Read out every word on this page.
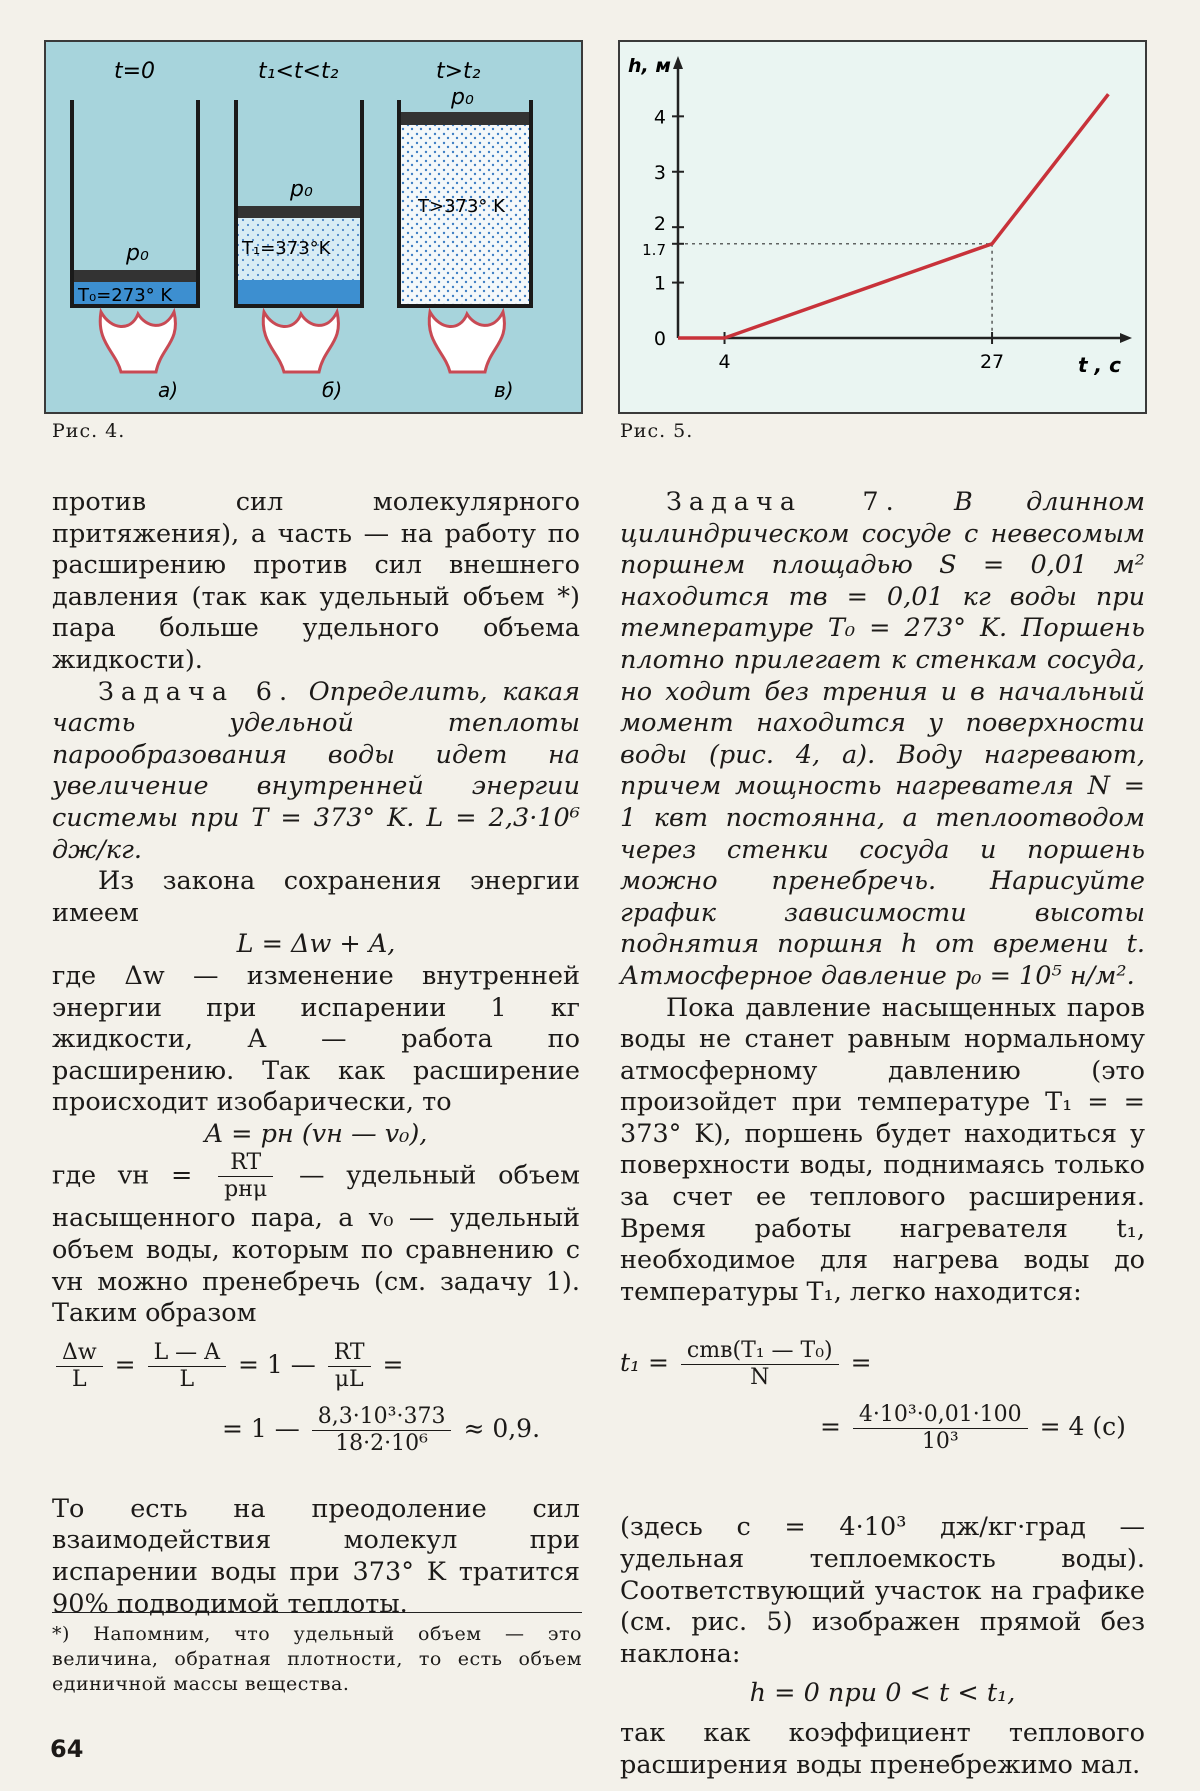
t=0	t₁<t<t₂	t>t₂
p₀
p₀
p₀
T₀=273° K
T₁=373°K
T>373° K
а)	б)	в)
Рис. 4.
h, м
t , c
0
1
1.7
2
3
4
4	27
Рис. 5.

против сил молекулярного притяжения), а часть — на работу по расширению против сил внешнего давления (так как удельный объем *) пара больше удельного объема жидкости).

Задача 6. Определить, какая часть удельной теплоты парообразования воды идет на увеличение внутренней энергии системы при T = 373° K. L = 2,3·10⁶ дж/кг.

Из закона сохранения энергии имеем

L = Δw + A,

где Δw — изменение внутренней энергии при испарении 1 кг жидкости, A — работа по расширению. Так как расширение происходит изобарически, то

A = pн (vн — v₀),

где vн = $\frac{RT}{\text{pнμ}}$ — удельный объем насыщенного пара, а v₀ — удельный объем воды, которым по сравнению с vн можно пренебречь (см. задачу 1). Таким образом

$\frac{\Delta w}{L} = \frac{L — A}{L} = 1$ — $\frac{RT}{\mu L}$ =
= 1 — $\frac{\text{8,3·10³·373}}{\text{18·2·10⁶}} \approx 0,9$.

То есть на преодоление сил взаимодействия молекул при испарении воды при 373° K тратится 90% подводимой теплоты.

*) Напомним, что удельный объем — это величина, обратная плотности, то есть объем единичной массы вещества.
64

Задача 7. В длинном цилиндрическом сосуде с невесомым поршнем площадью S = 0,01 м² находится mв = 0,01 кг воды при температуре T₀ = 273° K. Поршень плотно прилегает к стенкам сосуда, но ходит без трения и в начальный момент находится у поверхности воды (рис. 4, а). Воду нагревают, причем мощность нагревателя N = 1 квт постоянна, а теплоотводом через стенки сосуда и поршень можно пренебречь. Нарисуйте график зависимости высоты поднятия поршня h от времени t. Атмосферное давление p₀ = 10⁵ н/м².

Пока давление насыщенных паров воды не станет равным нормальному атмосферному давлению (это произойдет при температуре T₁ = = 373° K), поршень будет находиться у поверхности воды, поднимаясь только за счет ее теплового расширения. Время работы нагревателя t₁, необходимое для нагрева воды до температуры T₁, легко находится:

$t_1 = \frac{\text{cmв(T₁ — T₀)}}{N}$ =
= $\frac{\text{4·10³·0,01·100}}{\text{10³}} = 4$ (c)

(здесь c = 4·10³ дж/кг·град — удельная теплоемкость воды). Соответствующий участок на графике (см. рис. 5) изображен прямой без наклона:

h = 0 при 0 < t < t₁,

так как коэффициент теплового расширения воды пренебрежимо мал.
